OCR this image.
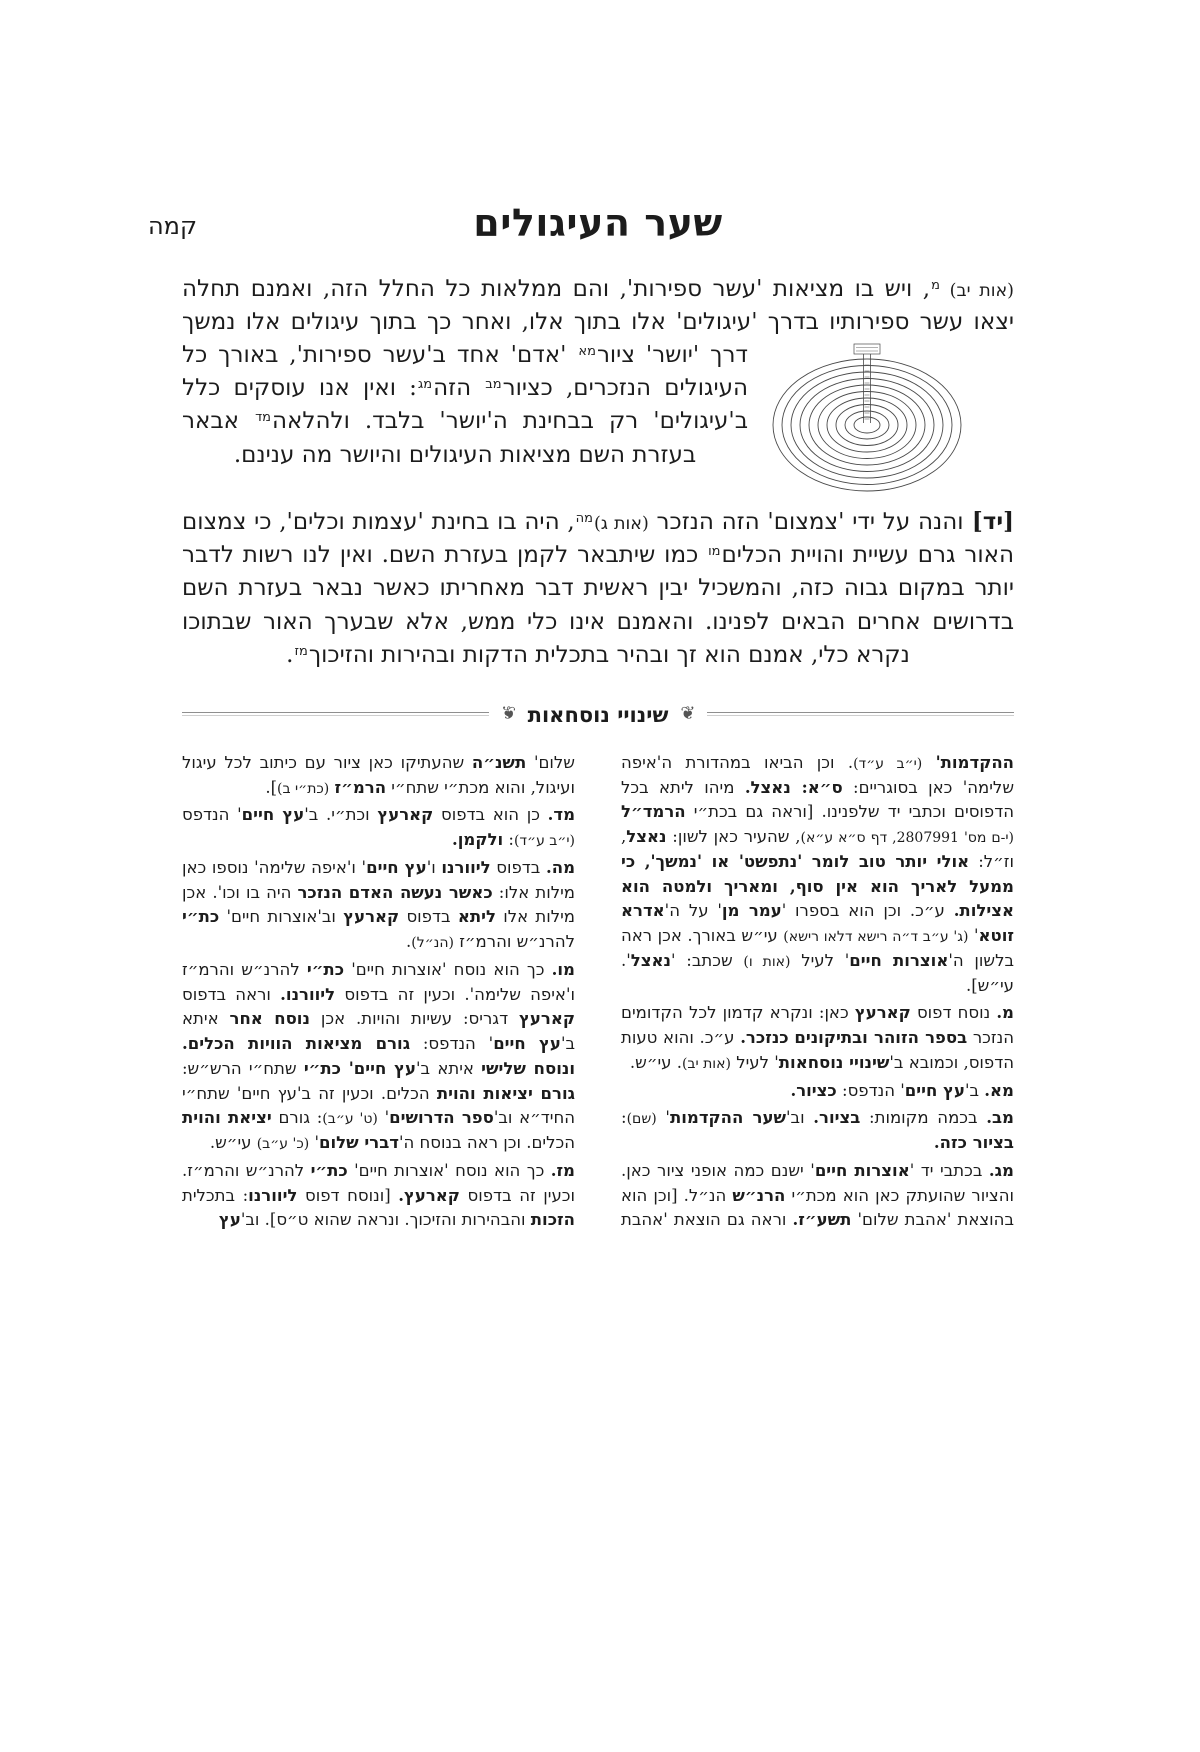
קמה	שער העיגולים

(אות יב) $^מ$, ויש בו מציאות 'עשר ספירות', והם ממלאות כל החלל הזה, ואמנם תחלה יצאו עשר ספירותיו בדרך 'עיגולים' אלו בתוך אלו, ואחר כך בתוך עיגולים
אלו נמשך דרך 'יושר' ציור$^{מא}$ 'אדם' אחד ב'עשר ספירות', באורך כל העיגולים הנזכרים, כציור$^{מב}$ הזה$^{מג}$: ואין אנו עוסקים כלל ב'עיגולים' רק בבחינת ה'יושר' בלבד. ולהלאה$^{מד}$ אבאר בעזרת השם מציאות העיגולים והיושר מה ענינם.

[יד] והנה על ידי 'צמצום' הזה הנזכר (אות ג)$^{מה}$, היה בו בחינת 'עצמות וכלים', כי צמצום האור גרם עשיית והויית הכלים$^{מו}$ כמו שיתבאר לקמן בעזרת השם. ואין לנו רשות לדבר יותר במקום גבוה כזה, והמשכיל יבין ראשית דבר מאחריתו כאשר נבאר בעזרת השם בדרושים אחרים הבאים לפנינו. והאמנם אינו כלי ממש, אלא שבערך האור שבתוכו נקרא כלי, אמנם הוא זך ובהיר בתכלית הדקות ובהירות והזיכוך$^{מז}$.

❦
שינויי נוסחאות
❦

ההקדמות' (י״ב ע״ד). וכן הביאו במהדורת ה'איפה שלימה' כאן בסוגריים: ס״א: נאצל. מיהו ליתא בכל הדפוסים וכתבי יד שלפנינו. [וראה גם בכת״י הרמד״ל (י-ם מס' 2807991, דף ס״א ע״א), שהעיר כאן לשון: נאצל, וז״ל: אולי יותר טוב לומר 'נתפשט' או 'נמשך', כי ממעל לאריך הוא אין סוף, ומאריך ולמטה הוא אצילות. ע״כ. וכן הוא בספרו 'עמר מן' על ה'אדרא זוטא' (ג' ע״ב ד״ה רישא דלאו רישא) עי״ש באורך. אכן ראה בלשון ה'אוצרות חיים' לעיל (אות ו) שכתב: 'נאצל'. עי״ש].

מ. נוסח דפוס קארעץ כאן: ונקרא קדמון לכל הקדומים הנזכר בספר הזוהר ובתיקונים כנזכר. ע״כ. והוא טעות הדפוס, וכמובא ב'שינויי נוסחאות' לעיל (אות יב). עי״ש.

מא. ב'עץ חיים' הנדפס: כציור.

מב. בכמה מקומות: בציור. וב'שער ההקדמות' (שם): בציור כזה.

מג. בכתבי יד 'אוצרות חיים' ישנם כמה אופני ציור כאן. והציור שהועתק כאן הוא מכת״י הרנ״ש הנ״ל. [וכן הוא בהוצאת 'אהבת שלום' תשע״ז. וראה גם הוצאת 'אהבת שלום' תשנ״ה שהעתיקו כאן ציור עם כיתוב לכל עיגול ועיגול, והוא מכת״י שתח״י הרמ״ז (כת״י ב)].

מד. כן הוא בדפוס קארעץ וכת״י. ב'עץ חיים' הנדפס (י״ב ע״ד): ולקמן.

מה. בדפוס ליוורנו ו'עץ חיים' ו'איפה שלימה' נוספו כאן מילות אלו: כאשר נעשה האדם הנזכר היה בו וכו'. אכן מילות אלו ליתא בדפוס קארעץ וב'אוצרות חיים' כת״י להרנ״ש והרמ״ז (הנ״ל).

מו. כך הוא נוסח 'אוצרות חיים' כת״י להרנ״ש והרמ״ז ו'איפה שלימה'. וכעין זה בדפוס ליוורנו. וראה בדפוס קארעץ דגריס: עשיות והויות. אכן נוסח אחר איתא ב'עץ חיים' הנדפס: גורם מציאות הוויות הכלים. ונוסח שלישי איתא ב'עץ חיים' כת״י שתח״י הרש״ש: גורם יציאות והוית הכלים. וכעין זה ב'עץ חיים' שתח״י החיד״א וב'ספר הדרושים' (ט' ע״ב): גורם יציאת והוית הכלים. וכן ראה בנוסח ה'דברי שלום' (כ' ע״ב) עי״ש.

מז. כך הוא נוסח 'אוצרות חיים' כת״י להרנ״ש והרמ״ז. וכעין זה בדפוס קארעץ. [ונוסח דפוס ליוורנו: בתכלית הזכות והבהירות והזיכוך. ונראה שהוא ט״ס]. וב'עץ
